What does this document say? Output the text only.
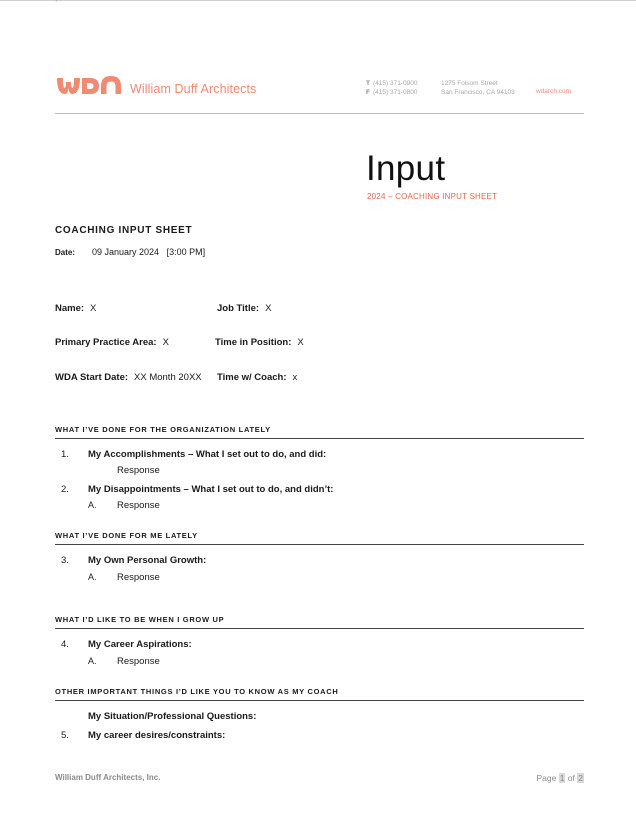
`
William Duff Architects	T (415) 371-0900
F (415) 371-0800
1275 Folsom Street
San Francisco, CA 94103	wdarch.com
Input
2024 – COACHING INPUT SHEET
COACHING INPUT SHEET
Date: 09 January 2024 [3:00 PM]
Name: X	Job Title: X
Primary Practice Area: X	Time in Position: X
WDA Start Date: XX Month 20XX Time w/ Coach: x
WHAT I’VE DONE FOR THE ORGANIZATION LATELY
1. My Accomplishments – What I set out to do, and did:
Response
2. My Disappointments – What I set out to do, and didn’t:
A. Response
WHAT I’VE DONE FOR ME LATELY
3. My Own Personal Growth:
A. Response
WHAT I’D LIKE TO BE WHEN I GROW UP
4. My Career Aspirations:
A. Response
OTHER IMPORTANT THINGS I’D LIKE YOU TO KNOW AS MY COACH
My Situation/Professional Questions:
5. My career desires/constraints:
William Duff Architects, Inc.	Page 1 of 2
